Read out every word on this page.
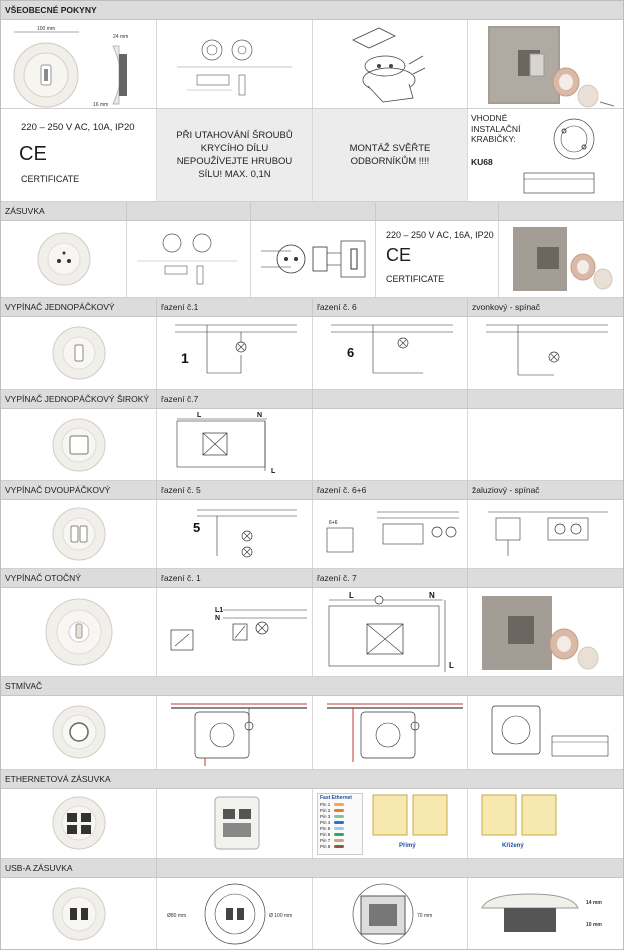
VŠEOBECNÉ POKYNY
100 mm
24 mm
16 mm
220 – 250 V AC, 10A, IP20
CE
CERTIFICATE
PŘI UTAHOVÁNÍ ŠROUBŮ KRYCÍHO DÍLU NEPOUŽÍVEJTE HRUBOU SÍLU! MAX. 0,1N
MONTÁŽ SVĚŘTE ODBORNÍKŮM !!!!
VHODNÉ INSTALAČNÍ KRABIČKY:
KU68
ZÁSUVKA
220 – 250 V AC, 16A, IP20
CE
CERTIFICATE
VYPÍNAČ JEDNOPÁČKOVÝ	řazení č.1	řazení č. 6	zvonkový - spínač
1	6
VYPÍNAČ JEDNOPÁČKOVÝ ŠIROKÝ	řazení č.7
L	N
L
VYPÍNAČ DVOUPÁČKOVÝ	řazení č. 5	řazení č. 6+6	žaluziový - spínač
5	6+6
VYPÍNAČ OTOČNÝ	řazení č. 1	řazení č. 7
L1
N
L	N
L
STMÍVAČ
ETHERNETOVÁ ZÁSUVKA
Fast Ethernet
Pin 1
Pin 2
Pin 3
Pin 4
Pin 5
Pin 6
Pin 7
Pin 8	Přímý	Křížený
USB-A ZÁSUVKA
Ø80 mm	Ø 100 mm	70 mm
14 mm
10 mm
